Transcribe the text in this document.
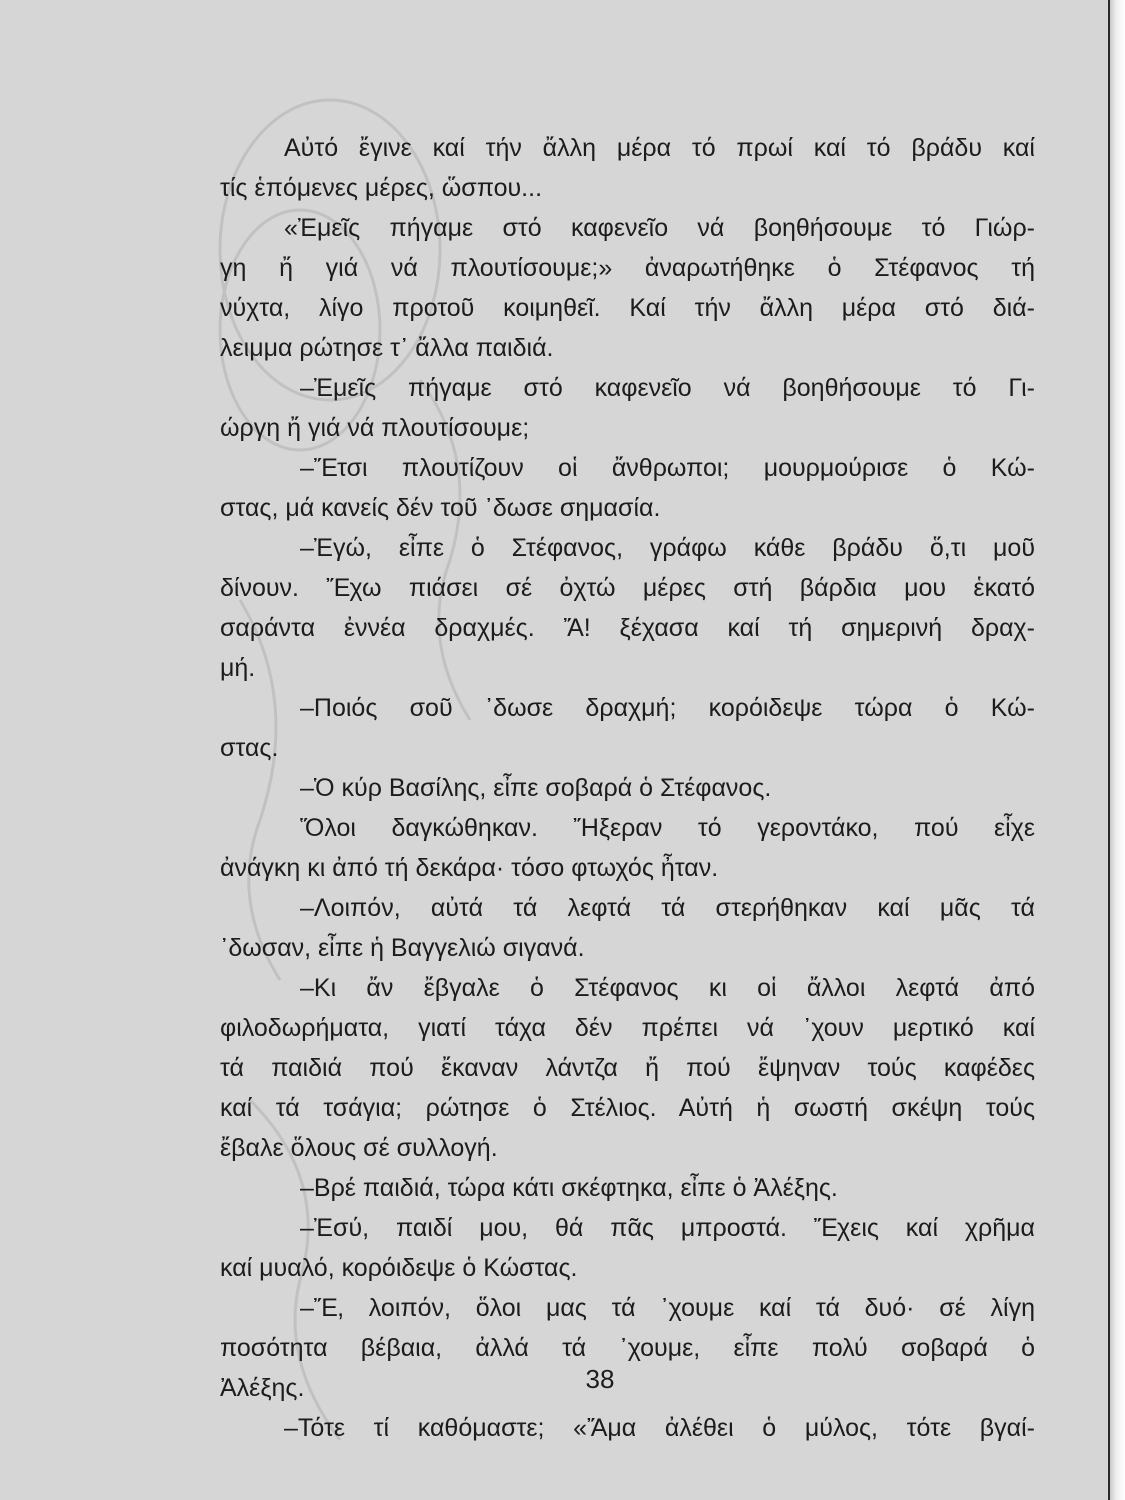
Αὐτό ἔγινε καί τήν ἄλλη μέρα τό πρωί καί τό βράδυ καί
τίς ἑπόμενες μέρες, ὥσπου...
«Ἐμεῖς πήγαμε στό καφενεῖο νά βοηθήσουμε τό Γιώρ-
γη ἤ γιά νά πλουτίσουμε;» ἀναρωτήθηκε ὁ Στέφανος τή
νύχτα, λίγο προτοῦ κοιμηθεῖ. Καί τήν ἄλλη μέρα στό διά-
λειμμα ρώτησε τ᾿ ἄλλα παιδιά.
–Ἐμεῖς πήγαμε στό καφενεῖο νά βοηθήσουμε τό Γι-
ώργη ἤ γιά νά πλουτίσουμε;
–Ἔτσι πλουτίζουν οἱ ἄνθρωποι; μουρμούρισε ὁ Κώ-
στας, μά κανείς δέν τοῦ ᾿δωσε σημασία.
–Ἐγώ, εἶπε ὁ Στέφανος, γράφω κάθε βράδυ ὅ,τι μοῦ
δίνουν. Ἔχω πιάσει σέ ὀχτώ μέρες στή βάρδια μου ἑκατό
σαράντα ἐννέα δραχμές. Ἄ! ξέχασα καί τή σημερινή δραχ-
μή.
–Ποιός σοῦ ᾿δωσε δραχμή; κορόιδεψε τώρα ὁ Κώ-
στας.
–Ὁ κύρ Βασίλης, εἶπε σοβαρά ὁ Στέφανος.
Ὅλοι δαγκώθηκαν. Ἤξεραν τό γεροντάκο, πού εἶχε
ἀνάγκη κι ἀπό τή δεκάρα· τόσο φτωχός ἦταν.
–Λοιπόν, αὐτά τά λεφτά τά στερήθηκαν καί μᾶς τά
᾿δωσαν, εἶπε ἡ Βαγγελιώ σιγανά.
–Κι ἄν ἔβγαλε ὁ Στέφανος κι οἱ ἄλλοι λεφτά ἀπό
φιλοδωρήματα, γιατί τάχα δέν πρέπει νά ᾿χουν μερτικό καί
τά παιδιά πού ἔκαναν λάντζα ἤ πού ἔψηναν τούς καφέδες
καί τά τσάγια; ρώτησε ὁ Στέλιος. Αὐτή ἡ σωστή σκέψη τούς
ἔβαλε ὅλους σέ συλλογή.
–Βρέ παιδιά, τώρα κάτι σκέφτηκα, εἶπε ὁ Ἀλέξης.
–Ἐσύ, παιδί μου, θά πᾶς μπροστά. Ἔχεις καί χρῆμα
καί μυαλό, κορόιδεψε ὁ Κώστας.
–Ἔ, λοιπόν, ὅλοι μας τά ᾿χουμε καί τά δυό· σέ λίγη
ποσότητα βέβαια, ἀλλά τά ᾿χουμε, εἶπε πολύ σοβαρά ὁ
Ἀλέξης.
–Τότε τί καθόμαστε; «Ἄμα ἀλέθει ὁ μύλος, τότε βγαί-
38
